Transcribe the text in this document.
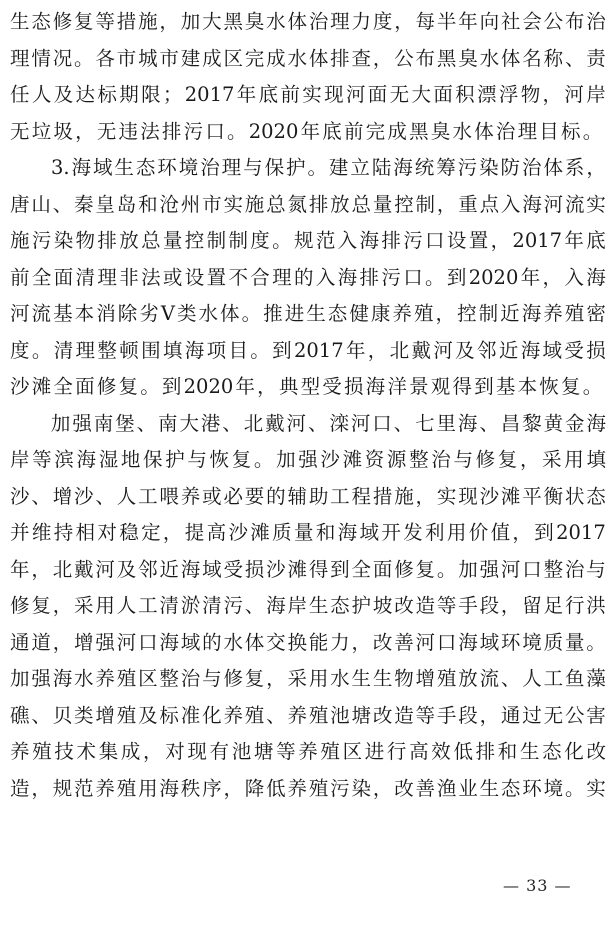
生 态 修 复 等 措 施 ， 加 大 黑 臭 水 体 治 理 力 度 ， 每 半 年 向 社 会 公 布 治
理 情 况 。 各 市 城 市 建 成 区 完 成 水 体 排 查 ， 公 布 黑 臭 水 体 名 称 、 责
任 人 及 达 标 期 限 ； 2017 年 底 前 实 现 河 面 无 大 面 积 漂 浮 物 ， 河 岸
无 垃 圾 ， 无 违 法 排 污 口 。 2020 年 底 前 完 成 黑 臭 水 体 治 理 目 标 。
3. 海 域 生 态 环 境 治 理 与 保 护 。 建 立 陆 海 统 筹 污 染 防 治 体 系 ，
唐 山 、 秦 皇 岛 和 沧 州 市 实 施 总 氮 排 放 总 量 控 制 ， 重 点 入 海 河 流 实
施 污 染 物 排 放 总 量 控 制 制 度 。 规 范 入 海 排 污 口 设 置 ， 2017 年 底
前 全 面 清 理 非 法 或 设 置 不 合 理 的 入 海 排 污 口 。 到 2020 年 ， 入 海
河 流 基 本 消 除 劣 Ⅴ 类 水 体 。 推 进 生 态 健 康 养 殖 ， 控 制 近 海 养 殖 密
度 。 清 理 整 顿 围 填 海 项 目 。 到 2017 年 ， 北 戴 河 及 邻 近 海 域 受 损
沙 滩 全 面 修 复 。 到 2020 年 ， 典 型 受 损 海 洋 景 观 得 到 基 本 恢 复 。
加 强 南 堡 、 南 大 港 、 北 戴 河 、 滦 河 口 、 七 里 海 、 昌 黎 黄 金 海
岸 等 滨 海 湿 地 保 护 与 恢 复 。 加 强 沙 滩 资 源 整 治 与 修 复 ， 采 用 填
沙 、 增 沙 、 人 工 喂 养 或 必 要 的 辅 助 工 程 措 施 ， 实 现 沙 滩 平 衡 状 态
并 维 持 相 对 稳 定 ， 提 高 沙 滩 质 量 和 海 域 开 发 利 用 价 值 ， 到 2017
年 ， 北 戴 河 及 邻 近 海 域 受 损 沙 滩 得 到 全 面 修 复 。 加 强 河 口 整 治 与
修 复 ， 采 用 人 工 清 淤 清 污 、 海 岸 生 态 护 坡 改 造 等 手 段 ， 留 足 行 洪
通 道 ， 增 强 河 口 海 域 的 水 体 交 换 能 力 ， 改 善 河 口 海 域 环 境 质 量 。
加 强 海 水 养 殖 区 整 治 与 修 复 ， 采 用 水 生 生 物 增 殖 放 流 、 人 工 鱼 藻
礁 、 贝 类 增 殖 及 标 准 化 养 殖 、 养 殖 池 塘 改 造 等 手 段 ， 通 过 无 公 害
养 殖 技 术 集 成 ， 对 现 有 池 塘 等 养 殖 区 进 行 高 效 低 排 和 生 态 化 改
造 ， 规 范 养 殖 用 海 秩 序 ， 降 低 养 殖 污 染 ， 改 善 渔 业 生 态 环 境 。 实
— 33 —
